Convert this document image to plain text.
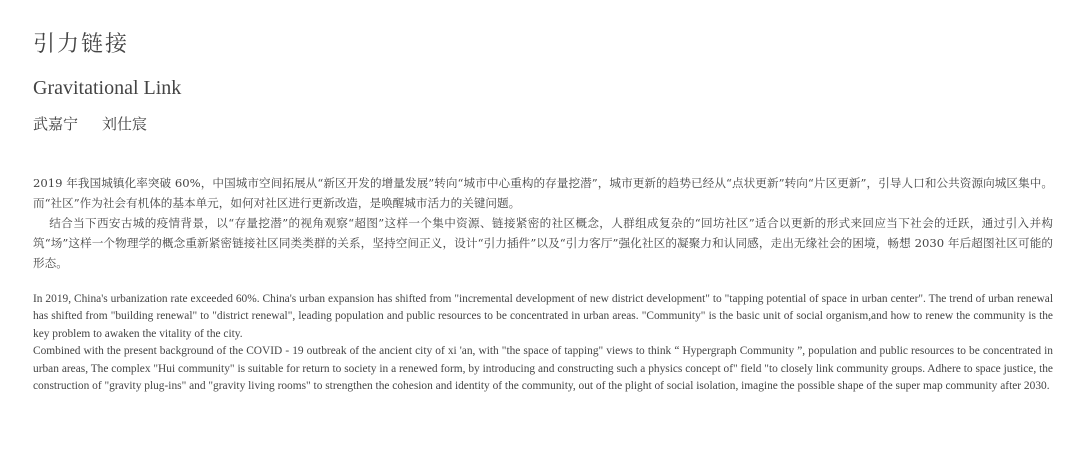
引力链接
Gravitational Link
武嘉宁 刘仕宸

2019 年我国城镇化率突破 60%，中国城市空间拓展从“新区开发的增量发展”转向“城市中心重构的存量挖潜”，城市更新的趋势已经从“点状更新”转向“片区更新”，引导人口和公共资源向城区集中。而“社区”作为社会有机体的基本单元，如何对社区进行更新改造，是唤醒城市活力的关键问题。

结合当下西安古城的疫情背景，以“存量挖潜”的视角观察“超图”这样一个集中资源、链接紧密的社区概念，人群组成复杂的“回坊社区”适合以更新的形式来回应当下社会的迁跃，通过引入并构筑“场”这样一个物理学的概念重新紧密链接社区同类类群的关系，坚持空间正义，设计“引力插件”以及“引力客厅”强化社区的凝聚力和认同感，走出无缘社会的困境，畅想 2030 年后超图社区可能的形态。

In 2019, China's urbanization rate exceeded 60%. China's urban expansion has shifted from "incremental development of new district development" to "tapping potential of space in urban center". The trend of urban renewal has shifted from "building renewal" to "district renewal", leading population and public resources to be concentrated in urban areas. "Community" is the basic unit of social organism,and how to renew the community is the key problem to awaken the vitality of the city.

Combined with the present background of the COVID - 19 outbreak of the ancient city of xi 'an, with "the space of tapping" views to think “ Hypergraph Community ”, population and public resources to be concentrated in urban areas, The complex "Hui community" is suitable for return to society in a renewed form, by introducing and constructing such a physics concept of" field "to closely link community groups. Adhere to space justice, the construction of "gravity plug-ins" and "gravity living rooms" to strengthen the cohesion and identity of the community, out of the plight of social isolation, imagine the possible shape of the super map community after 2030.
